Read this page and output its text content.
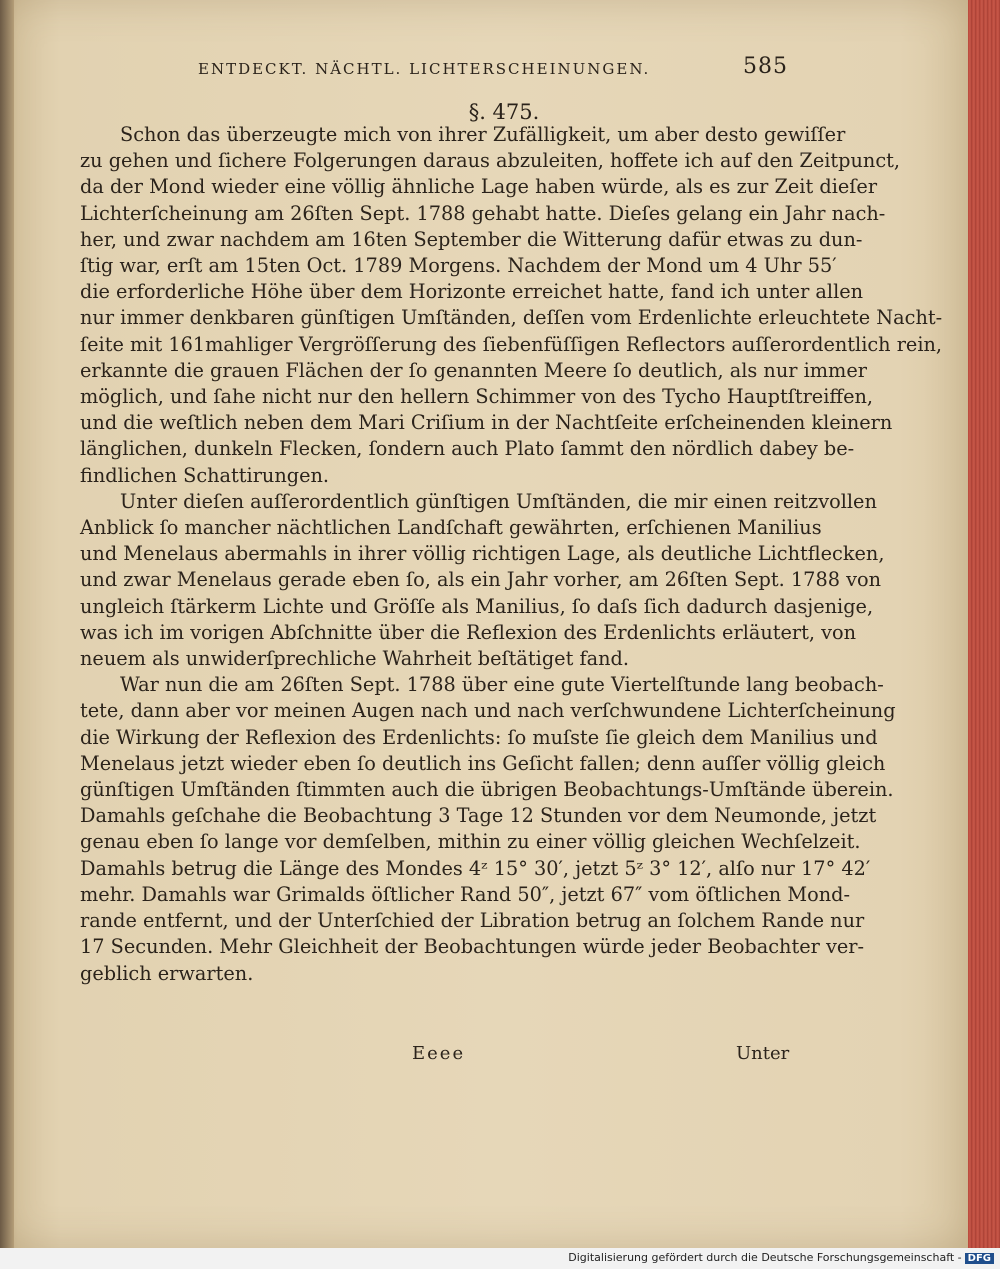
ENTDECKT. NÄCHTL. LICHTERSCHEINUNGEN.	585
§. 475.
Schon das überzeugte mich von ihrer Zufälligkeit, um aber desto gewiſſer
zu gehen und ſichere Folgerungen daraus abzuleiten, hoffete ich auf den Zeitpunct,
da der Mond wieder eine völlig ähnliche Lage haben würde, als es zur Zeit dieſer
Lichterſcheinung am 26ſten Sept. 1788 gehabt hatte. Dieſes gelang ein Jahr nach-
her, und zwar nachdem am 16ten September die Witterung dafür etwas zu dun-
ſtig war, erſt am 15ten Oct. 1789 Morgens. Nachdem der Mond um 4 Uhr 55′
die erforderliche Höhe über dem Horizonte erreichet hatte, fand ich unter allen
nur immer denkbaren günſtigen Umſtänden, deſſen vom Erdenlichte erleuchtete Nacht-
ſeite mit 161mahliger Vergröſſerung des ſiebenfüſſigen Reflectors auſſerordentlich rein,
erkannte die grauen Flächen der ſo genannten Meere ſo deutlich, als nur immer
möglich, und ſahe nicht nur den hellern Schimmer von des Tycho Hauptſtreiffen,
und die weſtlich neben dem Mari Criſium in der Nachtſeite erſcheinenden kleinern
länglichen, dunkeln Flecken, ſondern auch Plato ſammt den nördlich dabey be-
findlichen Schattirungen.
Unter dieſen auſſerordentlich günſtigen Umſtänden, die mir einen reitzvollen
Anblick ſo mancher nächtlichen Landſchaft gewährten, erſchienen Manilius
und Menelaus abermahls in ihrer völlig richtigen Lage, als deutliche Lichtflecken,
und zwar Menelaus gerade eben ſo, als ein Jahr vorher, am 26ſten Sept. 1788 von
ungleich ſtärkerm Lichte und Gröſſe als Manilius, ſo daſs ſich dadurch dasjenige,
was ich im vorigen Abſchnitte über die Reflexion des Erdenlichts erläutert, von
neuem als unwiderſprechliche Wahrheit beſtätiget fand.
War nun die am 26ſten Sept. 1788 über eine gute Viertelſtunde lang beobach-
tete, dann aber vor meinen Augen nach und nach verſchwundene Lichterſcheinung
die Wirkung der Reflexion des Erdenlichts: ſo muſste ſie gleich dem Manilius und
Menelaus jetzt wieder eben ſo deutlich ins Geſicht fallen; denn auſſer völlig gleich
günſtigen Umſtänden ſtimmten auch die übrigen Beobachtungs-Umſtände überein.
Damahls geſchahe die Beobachtung 3 Tage 12 Stunden vor dem Neumonde, jetzt
genau eben ſo lange vor demſelben, mithin zu einer völlig gleichen Wechſelzeit.
Damahls betrug die Länge des Mondes 4ᶻ 15° 30′, jetzt 5ᶻ 3° 12′, alſo nur 17° 42′
mehr. Damahls war Grimalds öſtlicher Rand 50″, jetzt 67″ vom öſtlichen Mond-
rande entfernt, und der Unterſchied der Libration betrug an ſolchem Rande nur
17 Secunden. Mehr Gleichheit der Beobachtungen würde jeder Beobachter ver-
geblich erwarten.
Eeee	Unter
Digitalisierung gefördert durch die Deutsche Forschungsgemeinschaft - DFG
